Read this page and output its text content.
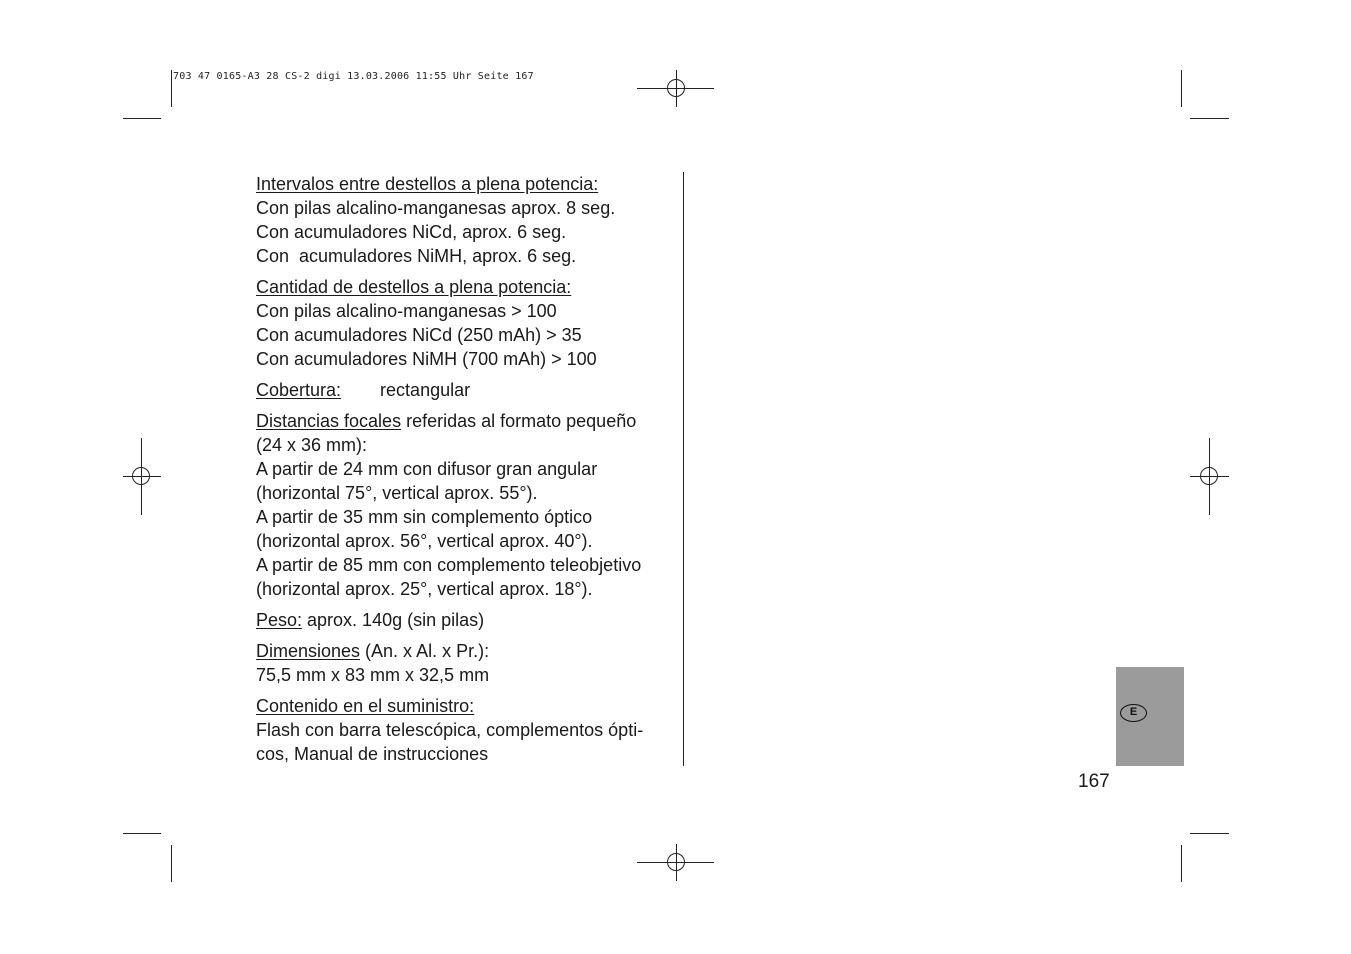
703 47 0165-A3 28 CS-2 digi 13.03.2006 11:55 Uhr Seite 167

Intervalos entre destellos a plena potencia:
Con pilas alcalino-manganesas aprox. 8 seg.
Con acumuladores NiCd, aprox. 6 seg.
Con  acumuladores NiMH, aprox. 6 seg.

Cantidad de destellos a plena potencia:
Con pilas alcalino-manganesas > 100
Con acumuladores NiCd (250 mAh) > 35
Con acumuladores NiMH (700 mAh) > 100

Cobertura: rectangular

Distancias focales referidas al formato pequeño
(24 x 36 mm):
A partir de 24 mm con difusor gran angular
(horizontal 75°, vertical aprox. 55°).
A partir de 35 mm sin complemento óptico
(horizontal aprox. 56°, vertical aprox. 40°).
A partir de 85 mm con complemento teleobjetivo
(horizontal aprox. 25°, vertical aprox. 18°).

Peso: aprox. 140g (sin pilas)

Dimensiones (An. x Al. x Pr.):
75,5 mm x 83 mm x 32,5 mm

Contenido en el suministro:
Flash con barra telescópica, complementos ópti-
cos, Manual de instrucciones

E
167
